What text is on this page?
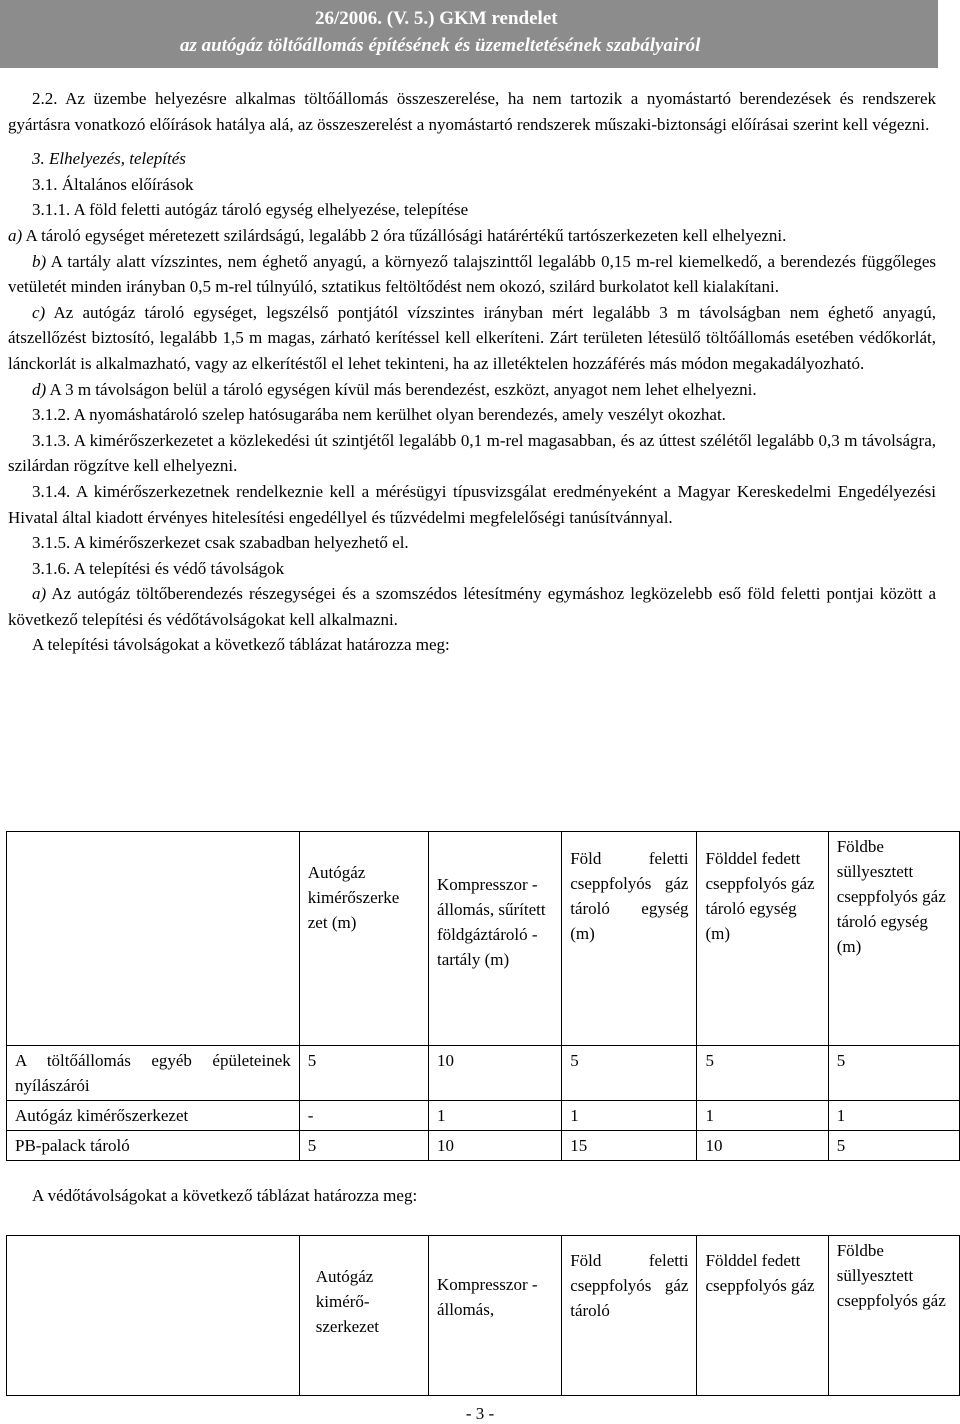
26/2006. (V. 5.) GKM rendelet
az autógáz töltőállomás építésének és üzemeltetésének szabályairól

2.2. Az üzembe helyezésre alkalmas töltőállomás összeszerelése, ha nem tartozik a nyomástartó berendezések és rendszerek gyártásra vonatkozó előírások hatálya alá, az összeszerelést a nyomástartó rendszerek műszaki-biztonsági előírásai szerint kell végezni.

3. Elhelyezés, telepítés

3.1. Általános előírások

3.1.1. A föld feletti autógáz tároló egység elhelyezése, telepítése

a) A tároló egységet méretezett szilárdságú, legalább 2 óra tűzállósági határértékű tartószerkezeten kell elhelyezni.

b) A tartály alatt vízszintes, nem éghető anyagú, a környező talajszinttől legalább 0,15 m-rel kiemelkedő, a berendezés függőleges vetületét minden irányban 0,5 m-rel túlnyúló, sztatikus feltöltődést nem okozó, szilárd burkolatot kell kialakítani.

c) Az autógáz tároló egységet, legszélső pontjától vízszintes irányban mért legalább 3 m távolságban nem éghető anyagú, átszellőzést biztosító, legalább 1,5 m magas, zárható kerítéssel kell elkeríteni. Zárt területen létesülő töltőállomás esetében védőkorlát, lánckorlát is alkalmazható, vagy az elkerítéstől el lehet tekinteni, ha az illetéktelen hozzáférés más módon megakadályozható.

d) A 3 m távolságon belül a tároló egységen kívül más berendezést, eszközt, anyagot nem lehet elhelyezni.

3.1.2. A nyomáshatároló szelep hatósugarába nem kerülhet olyan berendezés, amely veszélyt okozhat.

3.1.3. A kimérőszerkezetet a közlekedési út szintjétől legalább 0,1 m-rel magasabban, és az úttest szélétől legalább 0,3 m távolságra, szilárdan rögzítve kell elhelyezni.

3.1.4. A kimérőszerkezetnek rendelkeznie kell a mérésügyi típusvizsgálat eredményeként a Magyar Kereskedelmi Engedélyezési Hivatal által kiadott érvényes hitelesítési engedéllyel és tűzvédelmi megfelelőségi tanúsítvánnyal.

3.1.5. A kimérőszerkezet csak szabadban helyezhető el.

3.1.6. A telepítési és védő távolságok

a) Az autógáz töltőberendezés részegységei és a szomszédos létesítmény egymáshoz legközelebb eső föld feletti pontjai között a következő telepítési és védőtávolságokat kell alkalmazni.

A telepítési távolságokat a következő táblázat határozza meg:

	Autógáz kimérőszerke zet (m)	Kompresszor - állomás, sűrített földgáztároló - tartály (m)	Föld feletti cseppfolyós gáz tároló egység (m)	Földdel fedett cseppfolyós gáz tároló egység (m)	Földbe süllyesztett cseppfolyós gáz tároló egység (m)
A töltőállomás egyéb épületeinek nyílászárói	5	10	5	5	5
Autógáz kimérőszerkezet	-	1	1	1	1
PB-palack tároló	5	10	15	10	5

A védőtávolságokat a következő táblázat határozza meg:

	Autógáz kimérő- szerkezet	Kompresszor - állomás,	Föld feletti cseppfolyós gáz tároló	Földdel fedett cseppfolyós gáz	Földbe süllyesztett cseppfolyós gáz
- 3 -
